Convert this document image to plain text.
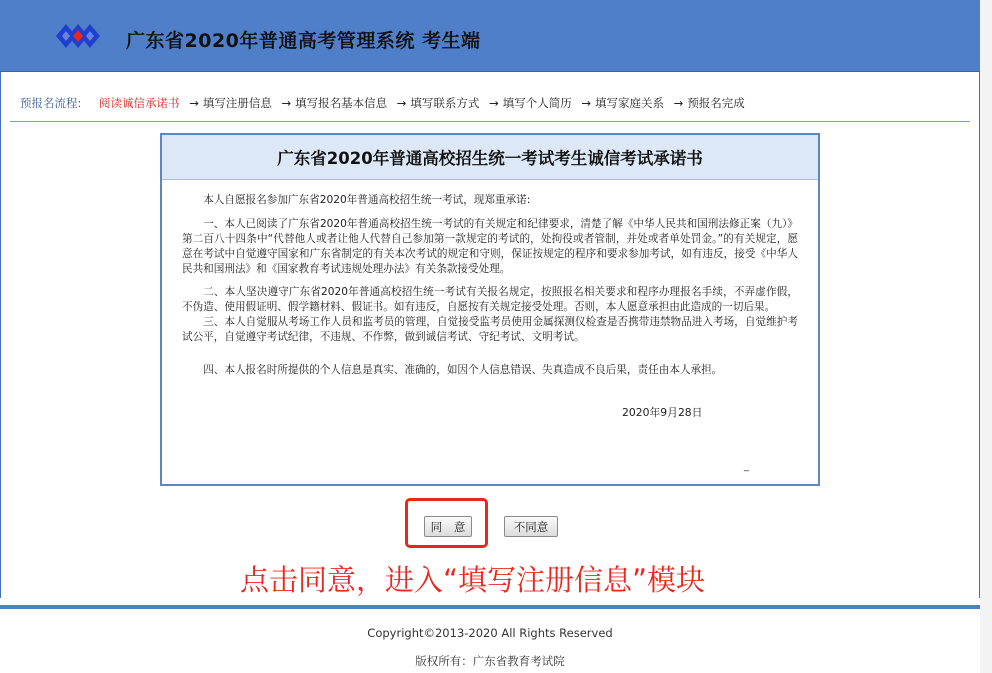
广东省2020年普通高考管理系统 考生端
预报名流程: 阅读诚信承诺书 → 填写注册信息 → 填写报名基本信息 → 填写联系方式 → 填写个人简历 → 填写家庭关系 → 预报名完成
广东省2020年普通高校招生统一考试考生诚信考试承诺书

本人自愿报名参加广东省2020年普通高校招生统一考试，现郑重承诺:

一、本人已阅读了广东省2020年普通高校招生统一考试的有关规定和纪律要求，清楚了解《中华人民共和国刑法修正案（九）》第二百八十四条中“代替他人或者让他人代替自己参加第一款规定的考试的，处拘役或者管制，并处或者单处罚金。”的有关规定，愿意在考试中自觉遵守国家和广东省制定的有关本次考试的规定和守则，保证按规定的程序和要求参加考试，如有违反，接受《中华人民共和国刑法》和《国家教育考试违规处理办法》有关条款接受处理。

二、本人坚决遵守广东省2020年普通高校招生统一考试有关报名规定，按照报名相关要求和程序办理报名手续，不弄虚作假，不伪造、使用假证明、假学籍材料、假证书。如有违反，自愿按有关规定接受处理。否则，本人愿意承担由此造成的一切后果。

三、本人自觉服从考场工作人员和监考员的管理，自觉接受监考员使用金属探测仪检查是否携带违禁物品进入考场，自觉维护考试公平，自觉遵守考试纪律，不违规、不作弊，做到诚信考试、守纪考试、文明考试。

四、本人报名时所提供的个人信息是真实、准确的，如因个人信息错误、失真造成不良后果，责任由本人承担。

2020年9月28日
_
同 意	不同意
点击同意，进入“填写注册信息”模块
Copyright©2013-2020 All Rights Reserved
版权所有：广东省教育考试院
